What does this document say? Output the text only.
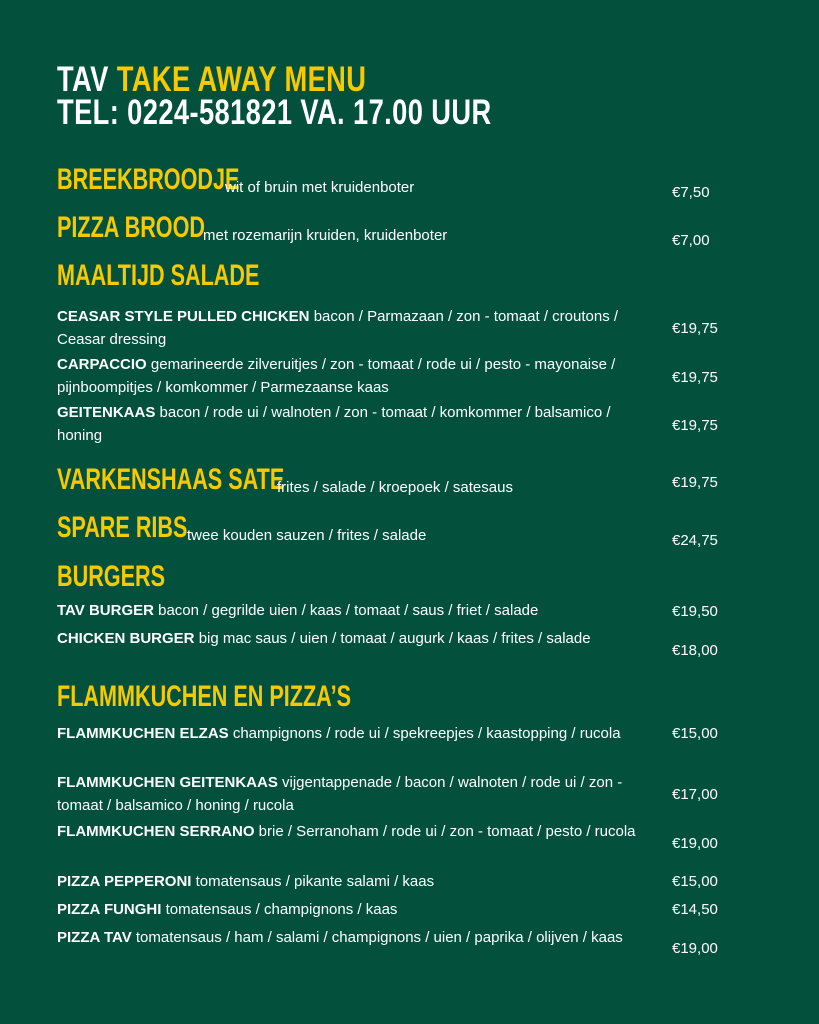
TAV TAKE AWAY MENU
TEL: 0224-581821 VA. 17.00 UUR
BREEKBROODJE
wit of bruin met kruidenboter	€7,50
PIZZA BROOD
met rozemarijn kruiden, kruidenboter	€7,00
MAALTIJD SALADE
CEASAR STYLE PULLED CHICKEN bacon / Parmazaan / zon - tomaat / croutons / Ceasar dressing
€19,75
CARPACCIO gemarineerde zilveruitjes / zon - tomaat / rode ui / pesto - mayonaise / pijnboompitjes / komkommer / Parmezaanse kaas
€19,75
GEITENKAAS bacon / rode ui / walnoten / zon - tomaat / komkommer / balsamico / honing
€19,75
VARKENSHAAS SATE
frites / salade / kroepoek / satesaus	€19,75
SPARE RIBS twee kouden sauzen / frites / salade	€24,75
BURGERS
TAV BURGER bacon / gegrilde uien / kaas / tomaat / saus / friet / salade	€19,50
CHICKEN BURGER big mac saus / uien / tomaat / augurk / kaas / frites / salade
€18,00
FLAMMKUCHEN EN PIZZA’S
FLAMMKUCHEN ELZAS champignons / rode ui / spekreepjes / kaastopping / rucola	€15,00
FLAMMKUCHEN GEITENKAAS vijgentappenade / bacon / walnoten / rode ui / zon - tomaat / balsamico / honing / rucola
€17,00
FLAMMKUCHEN SERRANO brie / Serranoham / rode ui / zon - tomaat / pesto / rucola
€19,00
PIZZA PEPPERONI tomatensaus / pikante salami / kaas	€15,00
PIZZA FUNGHI tomatensaus / champignons / kaas	€14,50
PIZZA TAV tomatensaus / ham / salami / champignons / uien / paprika / olijven / kaas
€19,00
